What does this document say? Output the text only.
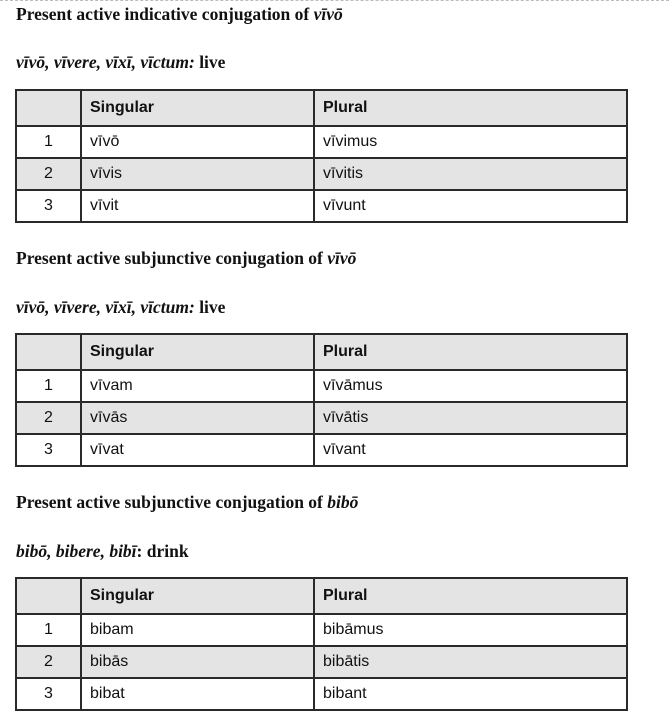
Present active indicative conjugation of vīvō
vīvō, vīvere, vīxī, vīctum: live
	Singular	Plural
1	vīvō	vīvimus
2	vīvis	vīvitis
3	vīvit	vīvunt
Present active subjunctive conjugation of vīvō
vīvō, vīvere, vīxī, vīctum: live
	Singular	Plural
1	vīvam	vīvāmus
2	vīvās	vīvātis
3	vīvat	vīvant
Present active subjunctive conjugation of bibō
bibō, bibere, bibī: drink
	Singular	Plural
1	bibam	bibāmus
2	bibās	bibātis
3	bibat	bibant
